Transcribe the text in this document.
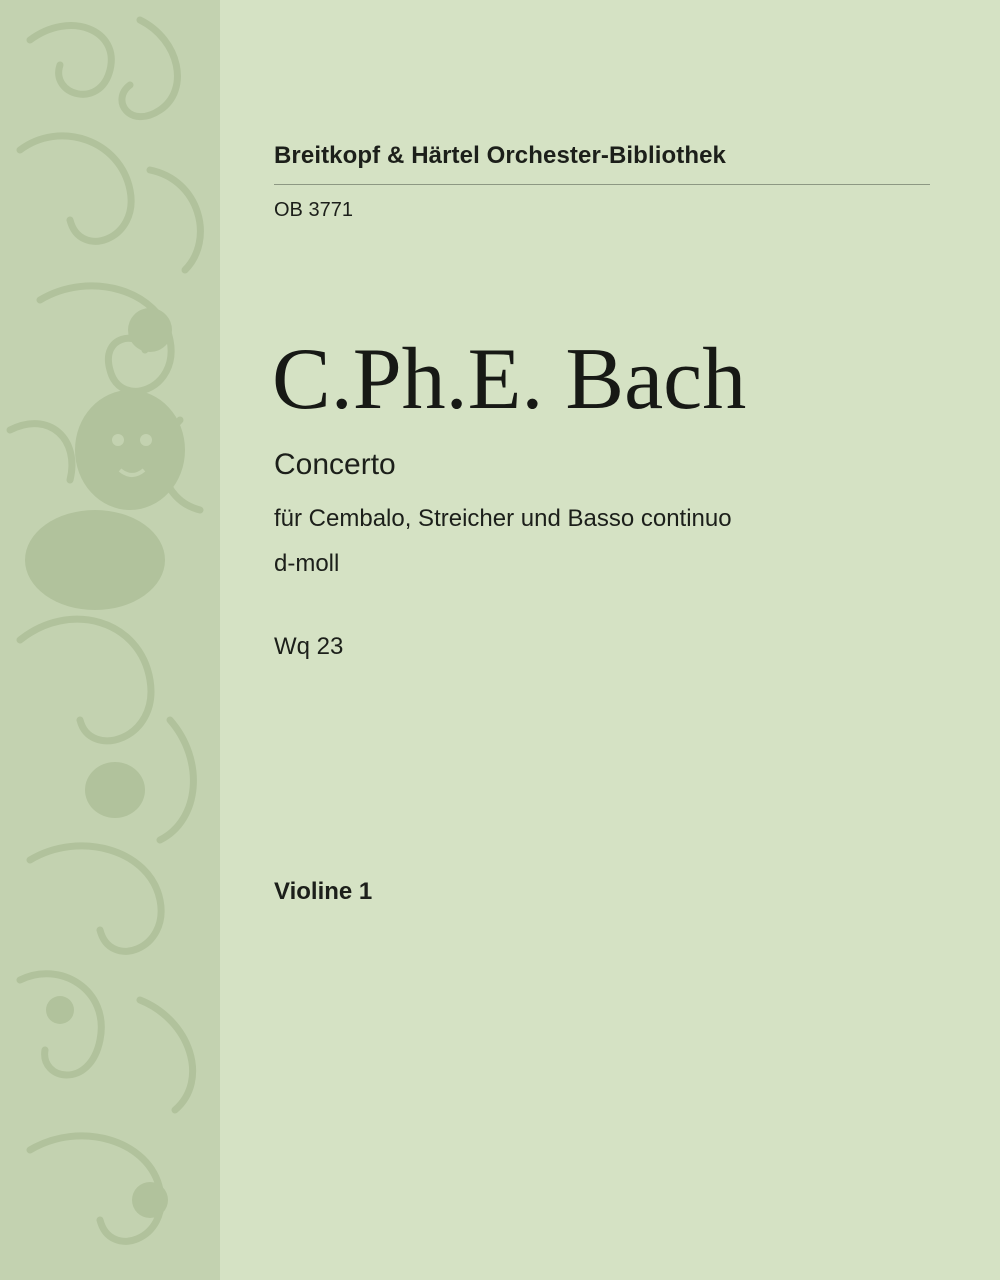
Breitkopf & Härtel Orchester-Bibliothek
OB 3771
C.Ph.E. Bach
Concerto
für Cembalo, Streicher und Basso continuo
d-moll
Wq 23
Violine 1
